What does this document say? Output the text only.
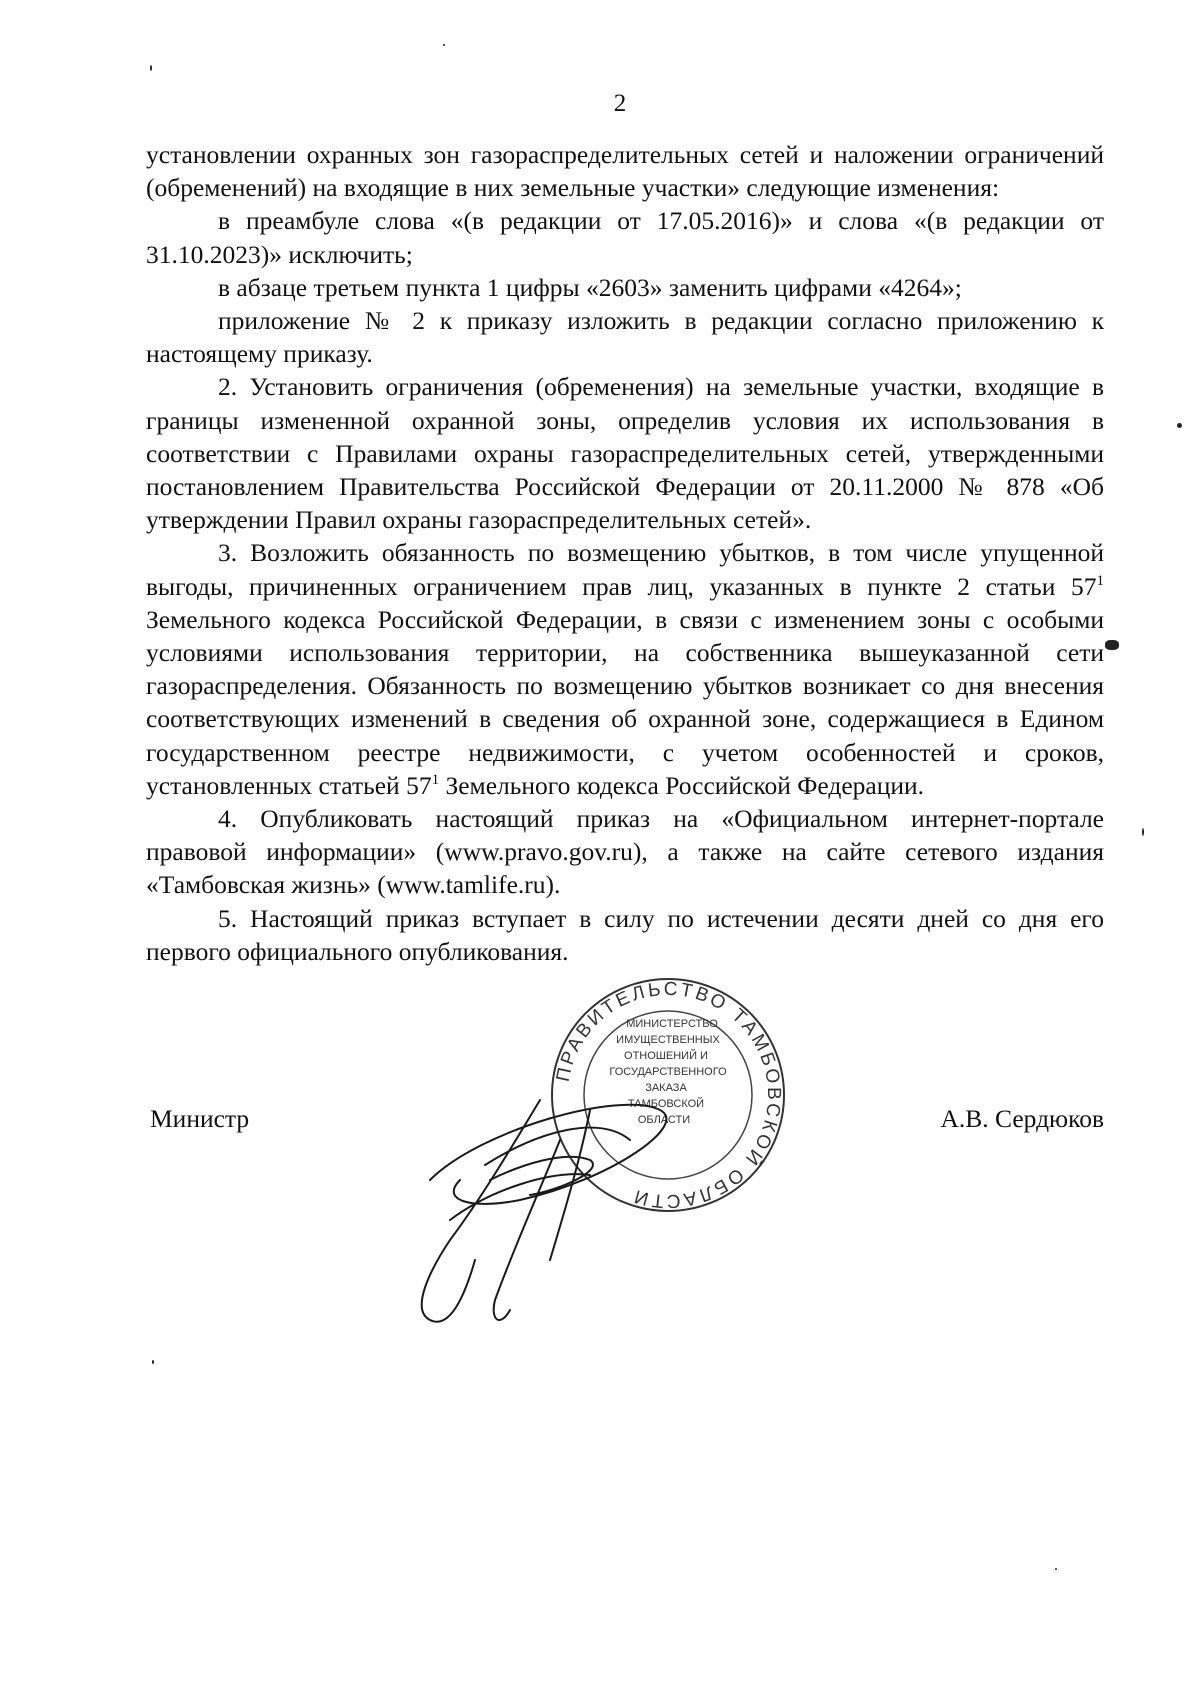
2

установлении охранных зон газораспределительных сетей и наложении ограничений (обременений) на входящие в них земельные участки» следующие изменения:

в преамбуле слова «(в редакции от 17.05.2016)» и слова «(в редакции от 31.10.2023)» исключить;

в абзаце третьем пункта 1 цифры «2603» заменить цифрами «4264»;

приложение № 2 к приказу изложить в редакции согласно приложению к настоящему приказу.

2. Установить ограничения (обременения) на земельные участки, входящие в границы измененной охранной зоны, определив условия их использования в соответствии с Правилами охраны газораспределительных сетей, утвержденными постановлением Правительства Российской Федерации от 20.11.2000 № 878 «Об утверждении Правил охраны газораспределительных сетей».

3. Возложить обязанность по возмещению убытков, в том числе упущенной выгоды, причиненных ограничением прав лиц, указанных в пункте 2 статьи $57^1$ Земельного кодекса Российской Федерации, в связи с изменением зоны с особыми условиями использования территории, на собственника вышеуказанной сети газораспределения. Обязанность по возмещению убытков возникает со дня внесения соответствующих изменений в сведения об охранной зоне, содержащиеся в Едином государственном реестре недвижимости, с учетом особенностей и сроков, установленных статьей $57^1$ Земельного кодекса Российской Федерации.

4. Опубликовать настоящий приказ на «Официальном интернет-портале правовой информации» (www.pravo.gov.ru), а также на сайте сетевого издания «Тамбовская жизнь» (www.tamlife.ru).

5. Настоящий приказ вступает в силу по истечении десяти дней со дня его первого официального опубликования.

Министр	А.В. Сердюков
ПРАВИТЕЛЬСТВО ТАМБОВСКОЙ ОБЛАСТИ
МИНИСТЕРСТВО
ИМУЩЕСТВЕННЫХ
ОТНОШЕНИЙ И
ГОСУДАРСТВЕННОГО
ЗАКАЗА
ТАМБОВСКОЙ
ОБЛАСТИ
